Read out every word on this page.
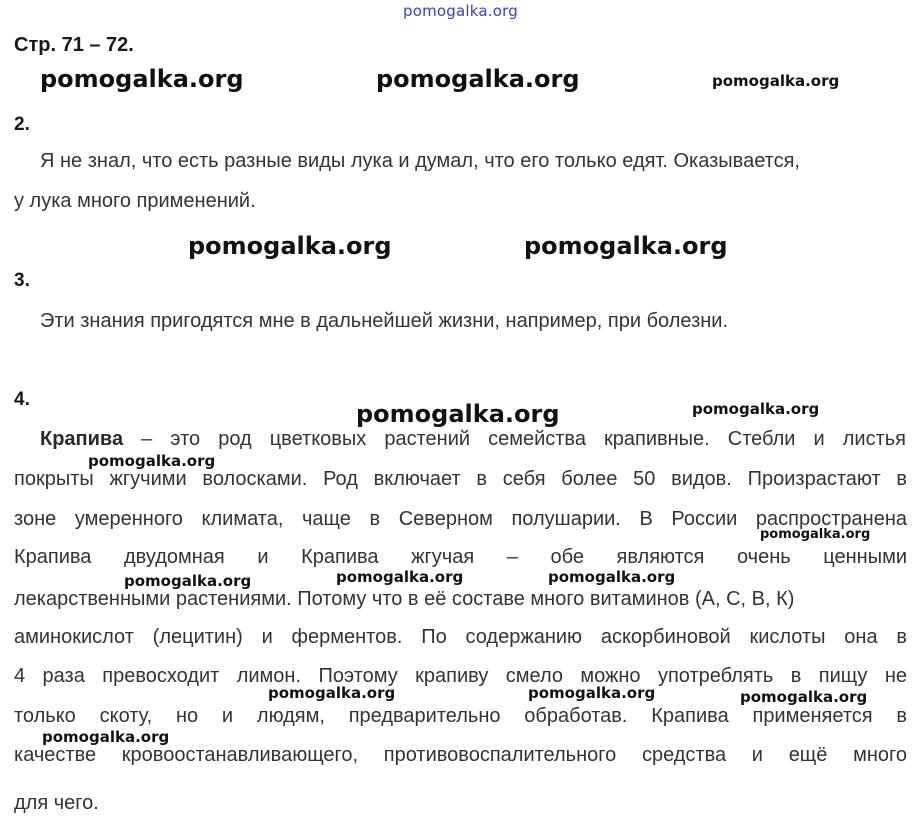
pomogalka.org
Стр. 71 – 72.
pomogalka.org	pomogalka.org	pomogalka.org
2.
Я не знал, что есть разные виды лука и думал, что его только едят. Оказывается,
у лука много применений.
pomogalka.org	pomogalka.org
3.
Эти знания пригодятся мне в дальнейшей жизни, например, при болезни.
4.
pomogalka.org	pomogalka.org
Крапива – это род цветковых растений семейства крапивные. Стебли и листья
pomogalka.org
покрыты жгучими волосками. Род включает в себя более 50 видов. Произрастают в
зоне умеренного климата, чаще в Северном полушарии. В России распространена
pomogalka.org
Крапива двудомная и Крапива жгучая – обе являются очень ценными
pomogalka.org	pomogalka.org	pomogalka.org
лекарственными растениями. Потому что в её составе много витаминов (А, С, В, К)
аминокислот (лецитин) и ферментов. По содержанию аскорбиновой кислоты она в
4 раза превосходит лимон. Поэтому крапиву смело можно употреблять в пищу не
pomogalka.org	pomogalka.org	pomogalka.org
только скоту, но и людям, предварительно обработав. Крапива применяется в
pomogalka.org
качестве кровоостанавливающего, противовоспалительного средства и ещё много
для чего.
